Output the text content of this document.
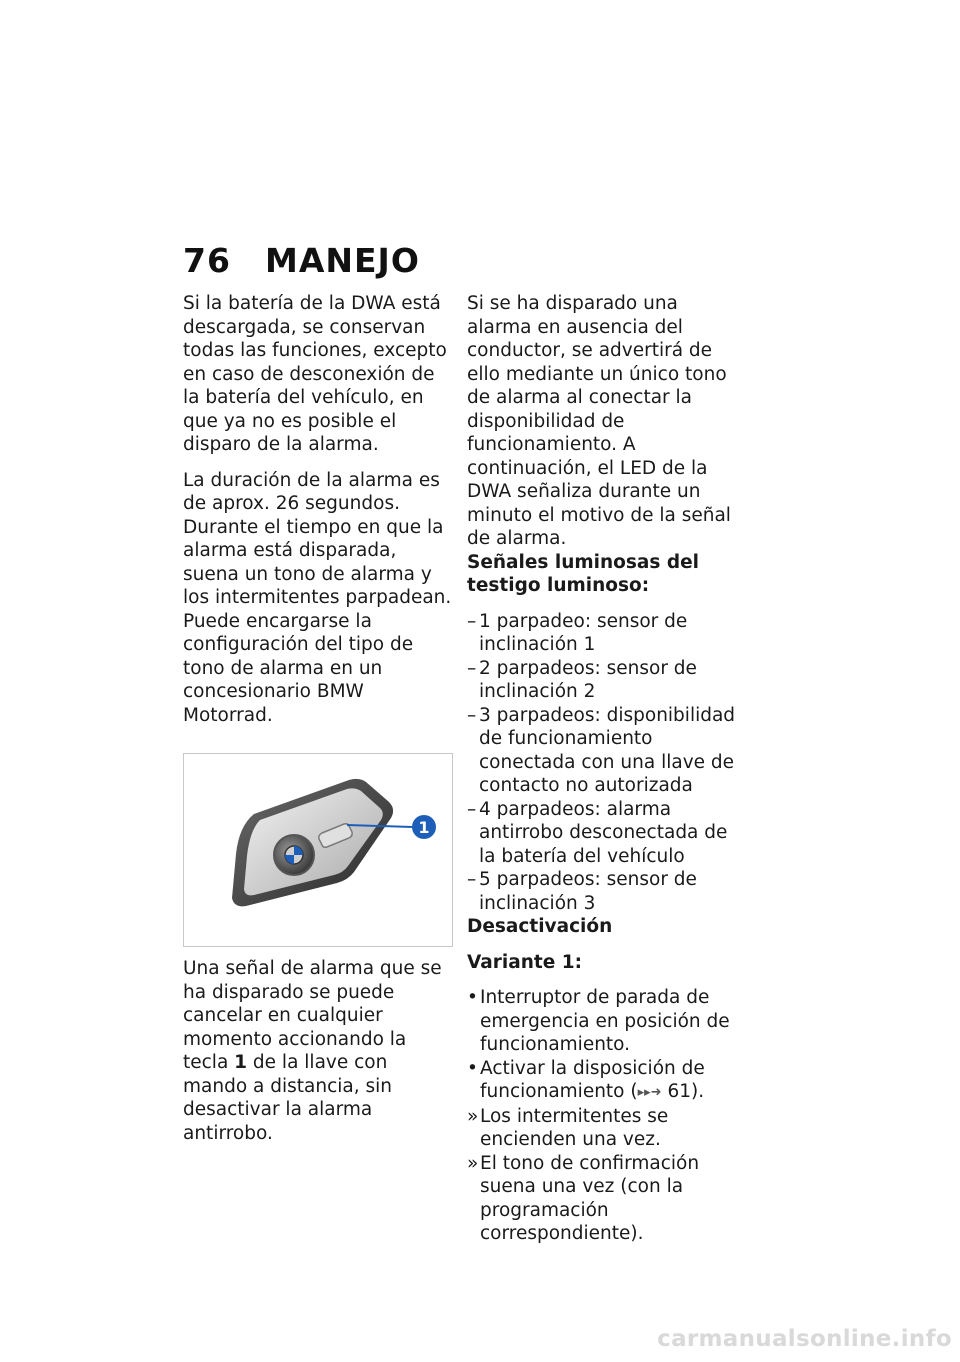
76 MANEJO

Si la batería de la DWA está descargada, se conservan todas las funciones, excepto en caso de desconexión de la batería del vehículo, en que ya no es posible el disparo de la alarma.

La duración de la alarma es de aprox. 26 segundos. Durante el tiempo en que la alarma está disparada, suena un tono de alarma y los intermitentes parpadean. Puede encargarse la configuración del tipo de tono de alarma en un concesionario BMW Motorrad.

1

Una señal de alarma que se ha disparado se puede cancelar en cualquier momento accionando la tecla 1 de la llave con mando a distancia, sin desactivar la alarma antirrobo.

Si se ha disparado una alarma en ausencia del conductor, se advertirá de ello mediante un único tono de alarma al conectar la disponibilidad de funcionamiento. A continuación, el LED de la DWA señaliza durante un minuto el motivo de la señal de alarma.

Señales luminosas del testigo luminoso:

– 1 parpadeo: sensor de inclinación 1
– 2 parpadeos: sensor de inclinación 2
– 3 parpadeos: disponibilidad de funcionamiento conectada con una llave de contacto no autorizada
– 4 parpadeos: alarma antirrobo desconectada de la batería del vehículo
– 5 parpadeos: sensor de inclinación 3

Desactivación

Variante 1:

• Interruptor de parada de emergencia en posición de funcionamiento.
• Activar la disposición de funcionamiento (▸▸➜ 61).
» Los intermitentes se encienden una vez.
» El tono de confirmación suena una vez (con la programación correspondiente).
carmanualsonline.info
